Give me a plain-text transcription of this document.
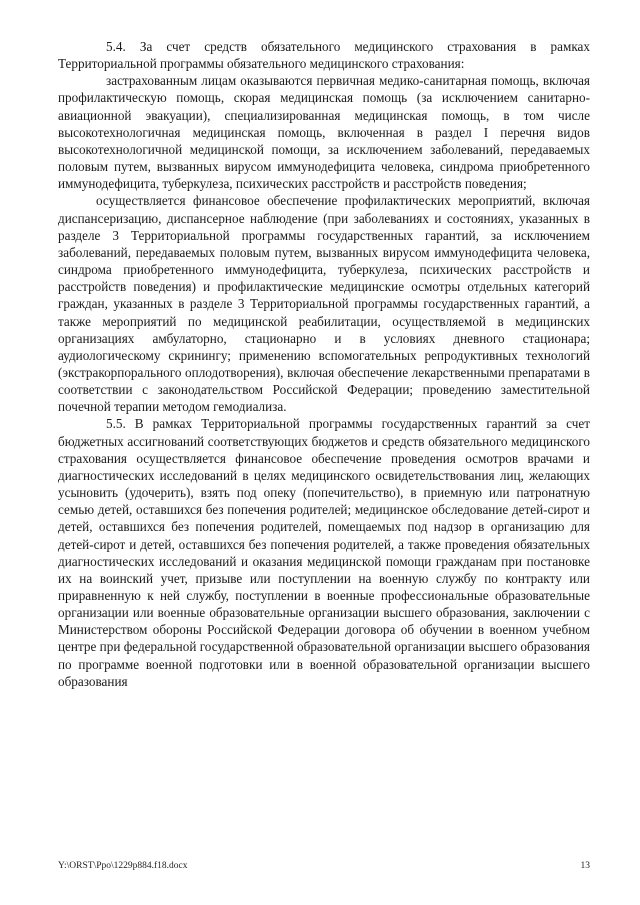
5.4. За счет средств обязательного медицинского страхования в рамках Территориальной программы обязательного медицинского страхования:

застрахованным лицам оказываются первичная медико-санитарная помощь, включая профилактическую помощь, скорая медицинская помощь (за исключением санитарно-авиационной эвакуации), специализированная медицинская помощь, в том числе высокотехнологичная медицинская помощь, включенная в раздел I перечня видов высокотехнологичной медицинской помощи, за исключением заболеваний, передаваемых половым путем, вызванных вирусом иммунодефицита человека, синдрома приобретенного иммунодефицита, туберкулеза, психических расстройств и расстройств поведения;

осуществляется финансовое обеспечение профилактических мероприятий, включая диспансеризацию, диспансерное наблюдение (при заболеваниях и состояниях, указанных в разделе 3 Территориальной программы государственных гарантий, за исключением заболеваний, передаваемых половым путем, вызванных вирусом иммунодефицита человека, синдрома приобретенного иммунодефицита, туберкулеза, психических расстройств и расстройств поведения) и профилактические медицинские осмотры отдельных категорий граждан, указанных в разделе 3 Территориальной программы государственных гарантий, а также мероприятий по медицинской реабилитации, осуществляемой в медицинских организациях амбулаторно, стационарно и в условиях дневного стационара; аудиологическому скринингу; применению вспомогательных репродуктивных технологий (экстракорпорального оплодотворения), включая обеспечение лекарственными препаратами в соответствии с законодательством Российской Федерации; проведению заместительной почечной терапии методом гемодиализа.

5.5. В рамках Территориальной программы государственных гарантий за счет бюджетных ассигнований соответствующих бюджетов и средств обязательного медицинского страхования осуществляется финансовое обеспечение проведения осмотров врачами и диагностических исследований в целях медицинского освидетельствования лиц, желающих усыновить (удочерить), взять под опеку (попечительство), в приемную или патронатную семью детей, оставшихся без попечения родителей; медицинское обследование детей-сирот и детей, оставшихся без попечения родителей, помещаемых под надзор в организацию для детей-сирот и детей, оставшихся без попечения родителей, а также проведения обязательных диагностических исследований и оказания медицинской помощи гражданам при постановке их на воинский учет, призыве или поступлении на военную службу по контракту или приравненную к ней службу, поступлении в военные профессиональные образовательные организации или военные образовательные организации высшего образования, заключении с Министерством обороны Российской Федерации договора об обучении в военном учебном центре при федеральной государственной образовательной организации высшего образования по программе военной подготовки или в военной образовательной организации высшего образования

Y:\ORST\Ppo\1229p884.f18.docx	13
